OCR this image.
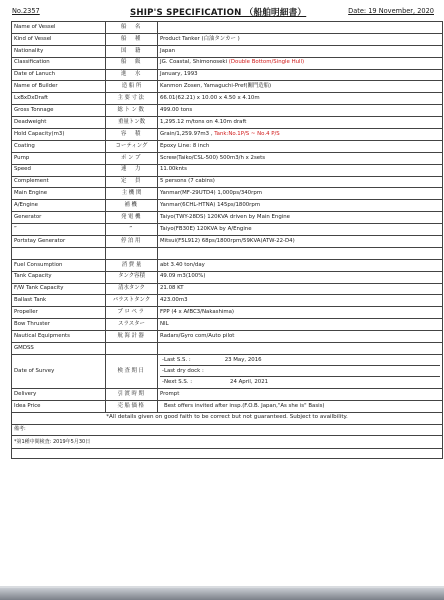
No.2357	SHIP'S SPECIFICATION （船舶明細書）	Date: 19 November, 2020
Name of Vessel	船　名	
Kind of Vessel	船　種	Product Tanker (白油タンカー )
Nationality	国　籍	Japan
Classification	船　級	JG. Coastal, Shimonoseki (Double Bottom/Single Hull)
Date of Lanuch	進　水	January, 1993
Name of Builder	造 船 所	Kanmon Zosen, Yamaguchi-Pref(關門造船)
LxBxDxDraft	主要寸法	66.01(62.21) x 10.00 x 4.50 x 4.10m
Gross Tonnage	総トン数	499.00 tons
Deadweight	重量トン数	1,295.12 m/tons on 4.10m draft
Hold Capacity(m3)	容　積	Grain/1,259.97m3 , Tank:No.1P/S ~ No.4 P/S
Coating	コーティング	Epoxy Line: 8 inch
Pump	ポンプ	Screw(Taiko/CSL-500) 500m3/h x 2sets
Speed	速　力	11.00knts
Complement	定　員	5 persons (7 cabins)
Main Engine	主 機 関	Yanmar(MF-29UTD4) 1,000ps/340rpm
A/Engine	補機	Yanmar(6CHL-HTNA) 145ps/1800rpm
Generator	発電機	Taiyo(TWY-28DS) 120KVA driven by Main Engine
”	”	Taiyo(FB30E) 120KVA by A/Engine
Portstay Generator	停泊用	Mitsui(F5L912) 68ps/1800rpm/59KVA(ATW-22-D4)

Fuel Consumption	消 費 量	abt 3.40 ton/day
Tank Capacity	タンク容積	49.09 m3(100%)
F/W Tank Capacity	清水タンク	21.08 KT
Ballast Tank	バラストタンク	423.00m3
Propeller	プロペラ	FPP (4 x AℓBC3/Nakashima)
Bow Thruster	スラスター	NIL
Nautical Equipments	航海計器	Radars/Gyro com/Auto pilot
GMDSS		
Date of Survey	検査期日	-Last S.S. : 23 May, 2016
-Last dry dock :
-Next S.S. : 24 April, 2021

Delivery	引渡時期	Prompt
Idea Price	売船価格	Best offers invited after insp.(F.O.B. Japan,"As she is" Basis)
*All details given on good faith to be correct but not guaranteed. Subject to availbility.		
備考:		
*第1種中間検査: 2019年5月30日		
